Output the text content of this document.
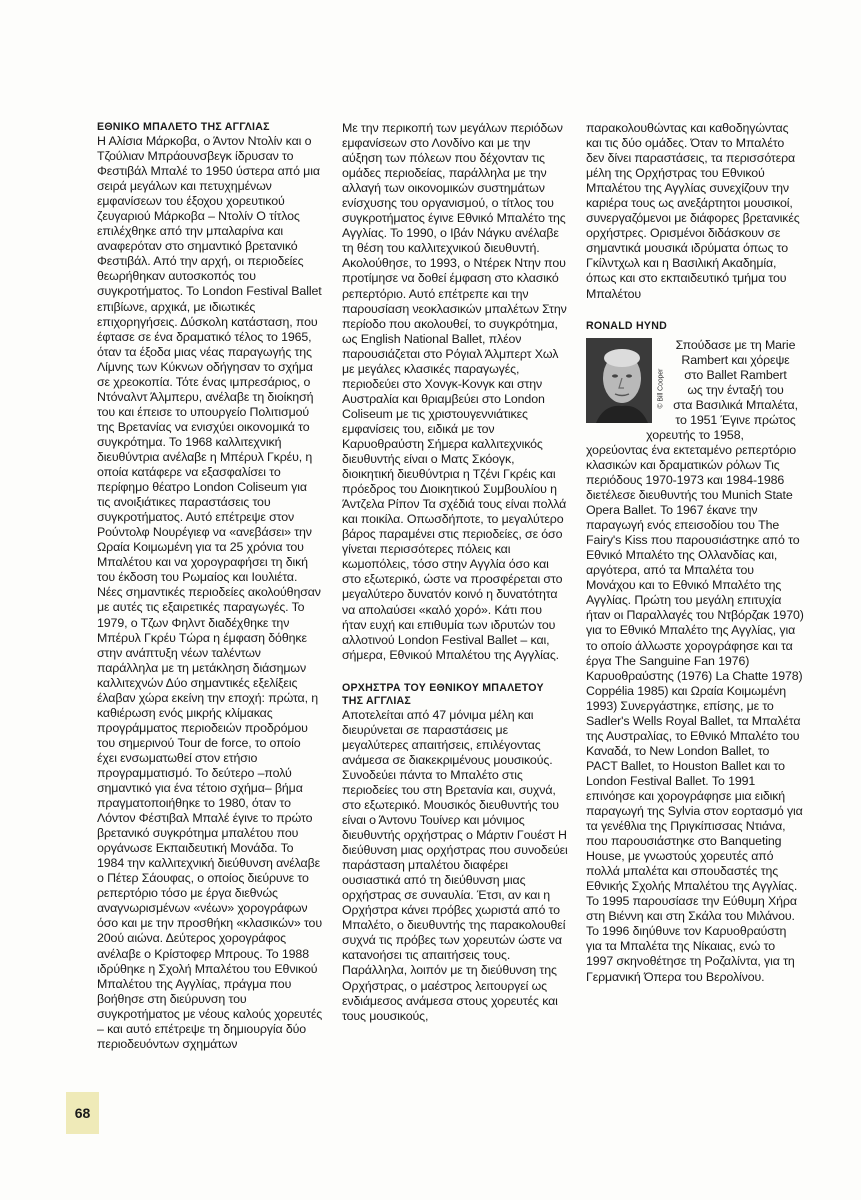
ΕΘΝΙΚΟ ΜΠΑΛΕΤΟ ΤΗΣ ΑΓΓΛΙΑΣ

Η Αλίσια Μάρκοβα, ο Άντον Ντολίν και ο Τζούλιαν Μπράουνσβεγκ ίδρυσαν το Φεστιβάλ Μπαλέ το 1950 ύστερα από μια σειρά μεγάλων και πετυχημένων εμφανίσεων του έξοχου χορευτικού ζευγαριού Μάρκοβα – Ντολίν Ο τίτλος επιλέχθηκε από την μπαλαρίνα και αναφερόταν στο σημαντικό βρετανικό Φεστιβάλ. Από την αρχή, οι περιοδείες θεωρήθηκαν αυτοσκοπός του συγκροτήματος. Το London Festival Ballet επιβίωνε, αρχικά, με ιδιωτικές επιχορηγήσεις. Δύσκολη κατάσταση, που έφτασε σε ένα δραματικό τέλος το 1965, όταν τα έξοδα μιας νέας παραγωγής της Λίμνης των Κύκνων οδήγησαν το σχήμα σε χρεοκοπία. Τότε ένας ιμπρεσάριος, ο Ντόναλντ Άλμπερυ, ανέλαβε τη διοίκησή του και έπεισε το υπουργείο Πολιτισμού της Βρετανίας να ενισχύει οικονομικά το συγκρότημα. Το 1968 καλλιτεχνική διευθύντρια ανέλαβε η Μπέρυλ Γκρέυ, η οποία κατάφερε να εξασφαλίσει το περίφημο θέατρο London Coliseum για τις ανοιξιάτικες παραστάσεις του συγκροτήματος. Αυτό επέτρεψε στον Ρούντολφ Νουρέγιεφ να «ανεβάσει» την Ωραία Κοιμωμένη για τα 25 χρόνια του Μπαλέτου και να χορογραφήσει τη δική του έκδοση του Ρωμαίος και Ιουλιέτα. Νέες σημαντικές περιοδείες ακολούθησαν με αυτές τις εξαιρετικές παραγωγές. Το 1979, ο Τζων Φηλντ διαδέχθηκε την Μπέρυλ Γκρέυ Τώρα η έμφαση δόθηκε στην ανάπτυξη νέων ταλέντων παράλληλα με τη μετάκληση διάσημων καλλιτεχνών Δύο σημαντικές εξελίξεις έλαβαν χώρα εκείνη την εποχή: πρώτα, η καθιέρωση ενός μικρής κλίμακας προγράμματος περιοδειών προδρόμου του σημερινού Tour de force, το οποίο έχει ενσωματωθεί στον ετήσιο προγραμματισμό. Το δεύτερο –πολύ σημαντικό για ένα τέτοιο σχήμα– βήμα πραγματοποιήθηκε το 1980, όταν το Λόντον Φέστιβαλ Μπαλέ έγινε το πρώτο βρετανικό συγκρότημα μπαλέτου που οργάνωσε Εκπαιδευτική Μονάδα. Το 1984 την καλλιτεχνική διεύθυνση ανέλαβε ο Πέτερ Σάουφας, ο οποίος διεύρυνε το ρεπερτόριο τόσο με έργα διεθνώς αναγνωρισμένων «νέων» χορογράφων όσο και με την προσθήκη «κλασικών» του 20ού αιώνα. Δεύτερος χορογράφος ανέλαβε ο Κρίστοφερ Μπρους. Το 1988 ιδρύθηκε η Σχολή Μπαλέτου του Εθνικού Μπαλέτου της Αγγλίας, πράγμα που βοήθησε στη διεύρυνση του συγκροτήματος με νέους καλούς χορευτές – και αυτό επέτρεψε τη δημιουργία δύο περιοδευόντων σχημάτων

Με την περικοπή των μεγάλων περιόδων εμφανίσεων στο Λονδίνο και με την αύξηση των πόλεων που δέχονταν τις ομάδες περιοδείας, παράλληλα με την αλλαγή των οικονομικών συστημάτων ενίσχυσης του οργανισμού, ο τίτλος του συγκροτήματος έγινε Εθνικό Μπαλέτο της Αγγλίας. Το 1990, ο Ιβάν Νάγκυ ανέλαβε τη θέση του καλλιτεχνικού διευθυντή. Ακολούθησε, το 1993, ο Ντέρεκ Ντην που προτίμησε να δοθεί έμφαση στο κλασικό ρεπερτόριο. Αυτό επέτρεπε και την παρουσίαση νεοκλασικών μπαλέτων Στην περίοδο που ακολουθεί, το συγκρότημα, ως English National Ballet, πλέον παρουσιάζεται στο Ρόγιαλ Άλμπερτ Χωλ με μεγάλες κλασικές παραγωγές, περιοδεύει στο Χονγκ-Κονγκ και στην Αυστραλία και θριαμβεύει στο London Coliseum με τις χριστουγεννιάτικες εμφανίσεις του, ειδικά με τον Καρυοθραύστη Σήμερα καλλιτεχνικός διευθυντής είναι ο Ματς Σκόογκ, διοικητική διευθύντρια η Τζένι Γκρέις και πρόεδρος του Διοικητικού Συμβουλίου η Άντζελα Ρίπον Τα σχέδιά τους είναι πολλά και ποικίλα. Οπωσδήποτε, το μεγαλύτερο βάρος παραμένει στις περιοδείες, σε όσο γίνεται περισσότερες πόλεις και κωμοπόλεις, τόσο στην Αγγλία όσο και στο εξωτερικό, ώστε να προσφέρεται στο μεγαλύτερο δυνατόν κοινό η δυνατότητα να απολαύσει «καλό χορό». Κάτι που ήταν ευχή και επιθυμία των ιδρυτών του αλλοτινού London Festival Ballet – και, σήμερα, Εθνικού Μπαλέτου της Αγγλίας.

ΟΡΧΗΣΤΡΑ ΤΟΥ ΕΘΝΙΚΟΥ ΜΠΑΛΕΤΟΥ ΤΗΣ ΑΓΓΛΙΑΣ

Αποτελείται από 47 μόνιμα μέλη και διευρύνεται σε παραστάσεις με μεγαλύτερες απαιτήσεις, επιλέγοντας ανάμεσα σε διακεκριμένους μουσικούς. Συνοδεύει πάντα το Μπαλέτο στις περιοδείες του στη Βρετανία και, συχνά, στο εξωτερικό. Μουσικός διευθυντής του είναι ο Άντονυ Τουίνερ και μόνιμος διευθυντής ορχήστρας ο Μάρτιν Γουέστ Η διεύθυνση μιας ορχήστρας που συνοδεύει παράσταση μπαλέτου διαφέρει ουσιαστικά από τη διεύθυνση μιας ορχήστρας σε συναυλία. Έτσι, αν και η Ορχήστρα κάνει πρόβες χωριστά από το Μπαλέτο, ο διευθυντής της παρακολουθεί συχνά τις πρόβες των χορευτών ώστε να κατανοήσει τις απαιτήσεις τους. Παράλληλα, λοιπόν με τη διεύθυνση της Ορχήστρας, ο μαέστρος λειτουργεί ως ενδιάμεσος ανάμεσα στους χορευτές και τους μουσικούς,

παρακολουθώντας και καθοδηγώντας και τις δύο ομάδες. Όταν το Μπαλέτο δεν δίνει παραστάσεις, τα περισσότερα μέλη της Ορχήστρας του Εθνικού Μπαλέτου της Αγγλίας συνεχίζουν την καριέρα τους ως ανεξάρτητοι μουσικοί, συνεργαζόμενοι με διάφορες βρετανικές ορχήστρες. Ορισμένοι διδάσκουν σε σημαντικά μουσικά ιδρύματα όπως το Γκίλντχωλ και η Βασιλική Ακαδημία, όπως και στο εκπαιδευτικό τμήμα του Μπαλέτου

RONALD HYND

© Bill Cooper
Σπούδασε με τη Marie
Rambert και χόρεψε
στο Ballet Rambert
ως την ένταξή του
στα Βασιλικά Μπαλέτα,
το 1951 Έγινε πρώτος
χορευτής το 1958,

χορεύοντας ένα εκτεταμένο ρεπερτόριο κλασικών και δραματικών ρόλων Τις περιόδους 1970-1973 και 1984-1986 διετέλεσε διευθυντής του Munich State Opera Ballet. Το 1967 έκανε την παραγωγή ενός επεισοδίου του The Fairy's Kiss που παρουσιάστηκε από το Εθνικό Μπαλέτο της Ολλανδίας και, αργότερα, από τα Μπαλέτα του Μονάχου και το Εθνικό Μπαλέτο της Αγγλίας. Πρώτη του μεγάλη επιτυχία ήταν οι Παραλλαγές του Ντβόρζακ 1970) για το Εθνικό Μπαλέτο της Αγγλίας, για το οποίο άλλωστε χορογράφησε και τα έργα The Sanguine Fan 1976) Καρυοθραύστης (1976) La Chatte 1978) Coppélia 1985) και Ωραία Κοιμωμένη 1993) Συνεργάστηκε, επίσης, με το Sadler's Wells Royal Ballet, τα Μπαλέτα της Αυστραλίας, το Εθνικό Μπαλέτο του Καναδά, το New London Ballet, το PACT Ballet, το Houston Ballet και το London Festival Ballet. Το 1991 επινόησε και χορογράφησε μια ειδική παραγωγή της Sylvia στον εορτασμό για τα γενέθλια της Πριγκίπισσας Ντιάνα, που παρουσιάστηκε στο Banqueting House, με γνωστούς χορευτές από πολλά μπαλέτα και σπουδαστές της Εθνικής Σχολής Μπαλέτου της Αγγλίας. Το 1995 παρουσίασε την Εύθυμη Χήρα στη Βιέννη και στη Σκάλα του Μιλάνου. Το 1996 διηύθυνε τον Καρυοθραύστη για τα Μπαλέτα της Νίκαιας, ενώ το 1997 σκηνοθέτησε τη Ροζαλίντα, για τη Γερμανική Όπερα του Βερολίνου.

68
